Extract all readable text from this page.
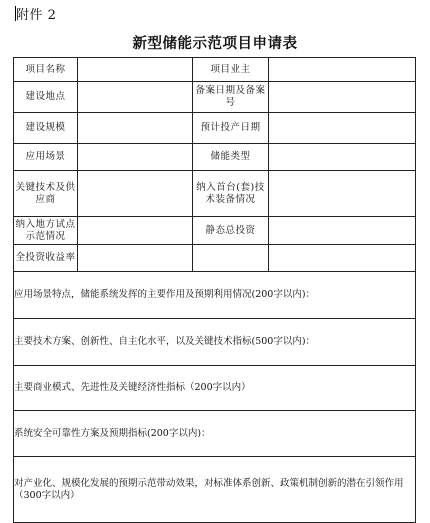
附件 2
新型储能示范项目申请表
项目名称		项目业主	
建设地点		备案日期及备案号	
建设规模		预计投产日期	
应用场景		储能类型	
关键技术及供应商		纳入首台(套)技术装备情况	
纳入地方试点示范情况		静态总投资	
全投资收益率			
应用场景特点，储能系统发挥的主要作用及预期利用情况(200字以内)：			
主要技术方案、创新性、自主化水平，以及关键技术指标(500字以内)：			
主要商业模式、先进性及关键经济性指标（200字以内）			
系统安全可靠性方案及预期指标(200字以内)：			
对产业化、规模化发展的预期示范带动效果，对标准体系创新、政策机制创新的潜在引领作用（300字以内）			
